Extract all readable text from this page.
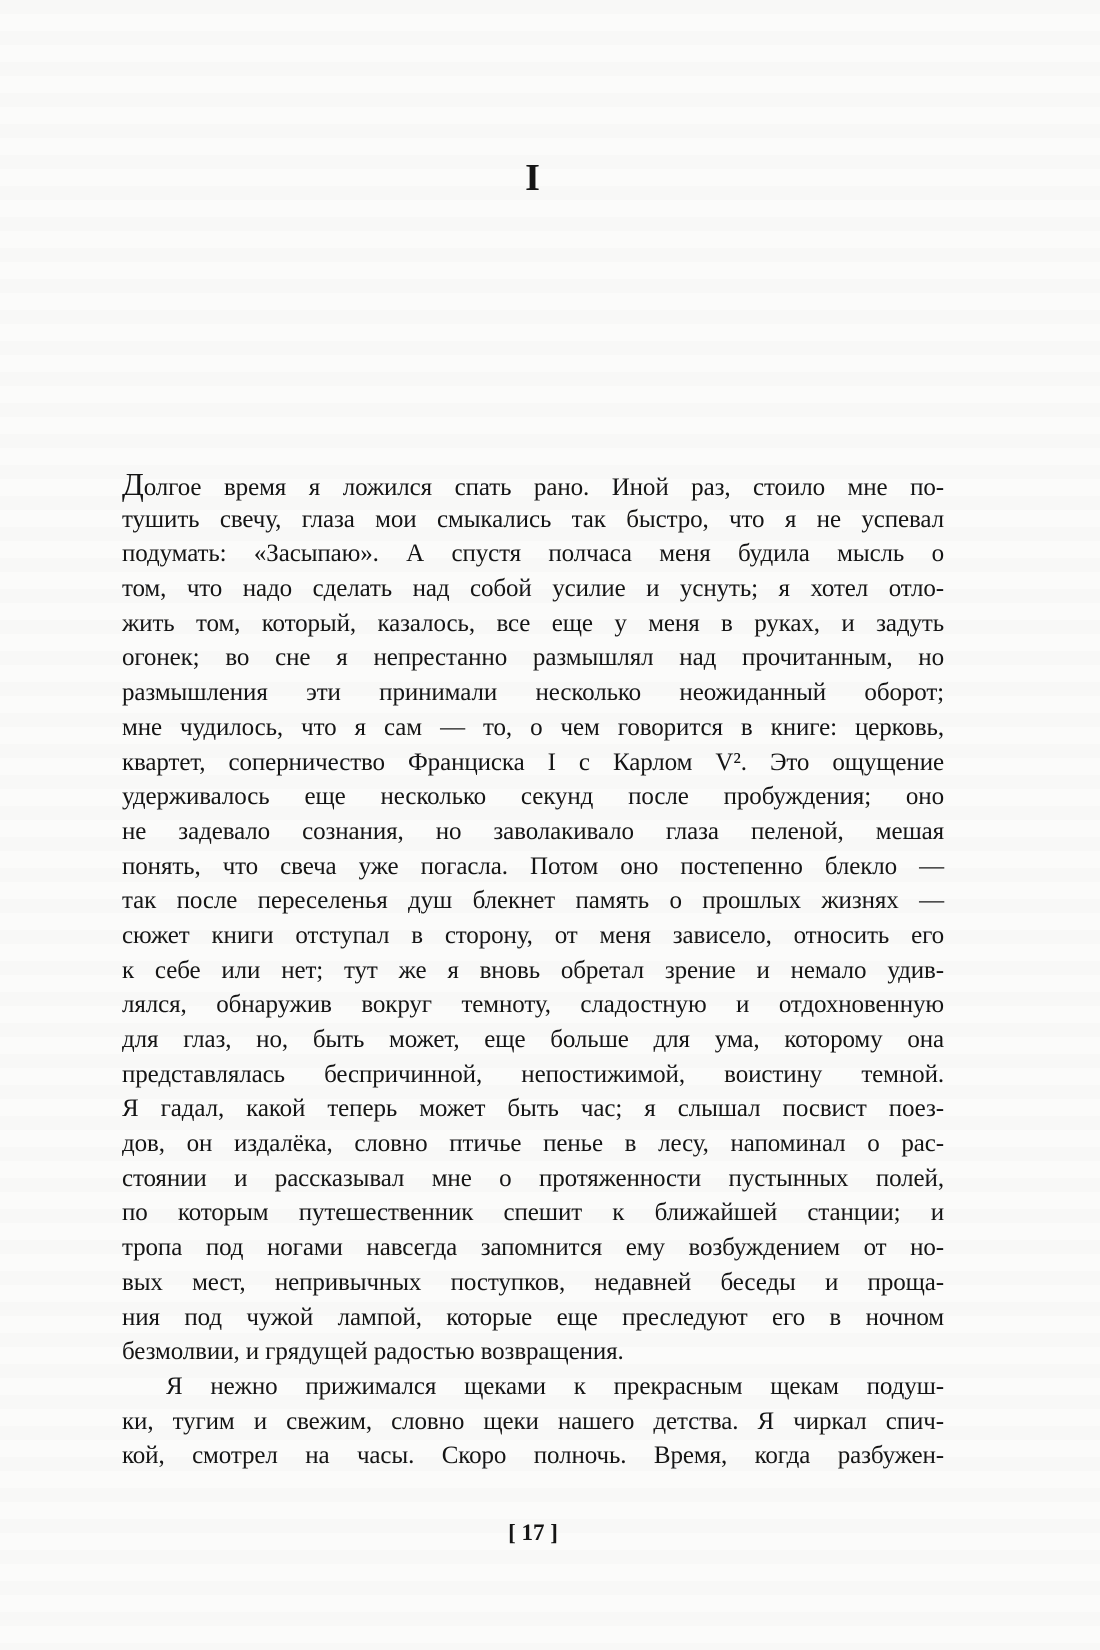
I
Долгое время я ложился спать рано. Иной раз, стоило мне по-
тушить свечу, глаза мои смыкались так быстро, что я не успевал
подумать: «Засыпаю». А спустя полчаса меня будила мысль о
том, что надо сделать над собой усилие и уснуть; я хотел отло-
жить том, который, казалось, все еще у меня в руках, и задуть
огонек; во сне я непрестанно размышлял над прочитанным, но
размышления эти принимали несколько неожиданный оборот;
мне чудилось, что я сам — то, о чем говорится в книге: церковь,
квартет, соперничество Франциска I с Карлом V². Это ощущение
удерживалось еще несколько секунд после пробуждения; оно
не задевало сознания, но заволакивало глаза пеленой, мешая
понять, что свеча уже погасла. Потом оно постепенно блекло —
так после переселенья душ блекнет память о прошлых жизнях —
сюжет книги отступал в сторону, от меня зависело, относить его
к себе или нет; тут же я вновь обретал зрение и немало удив-
лялся, обнаружив вокруг темноту, сладостную и отдохновенную
для глаз, но, быть может, еще больше для ума, которому она
представлялась беспричинной, непостижимой, воистину темной.
Я гадал, какой теперь может быть час; я слышал посвист поез-
дов, он издалёка, словно птичье пенье в лесу, напоминал о рас-
стоянии и рассказывал мне о протяженности пустынных полей,
по которым путешественник спешит к ближайшей станции; и
тропа под ногами навсегда запомнится ему возбуждением от но-
вых мест, непривычных поступков, недавней беседы и проща-
ния под чужой лампой, которые еще преследуют его в ночном
безмолвии, и грядущей радостью возвращения.
Я нежно прижимался щеками к прекрасным щекам подуш-
ки, тугим и свежим, словно щеки нашего детства. Я чиркал спич-
кой, смотрел на часы. Скоро полночь. Время, когда разбужен-
[ 17 ]
